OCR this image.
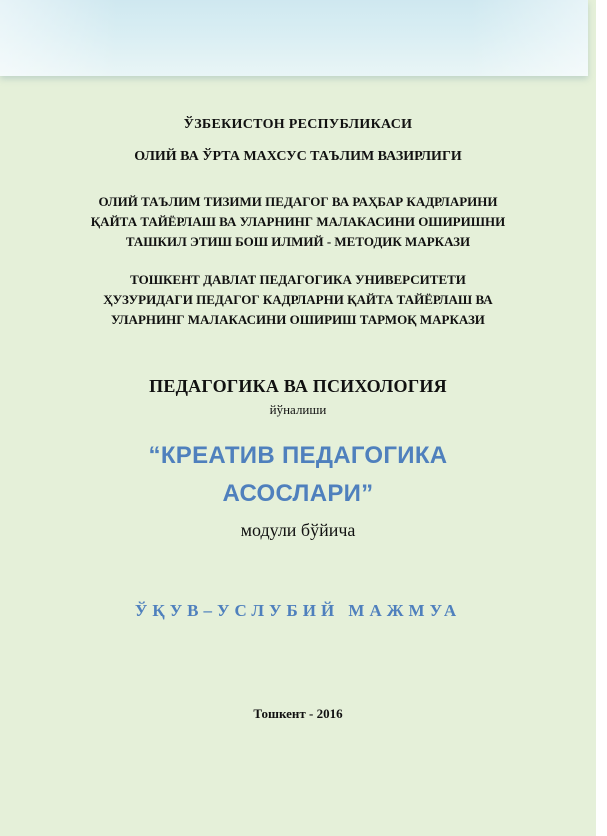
ЎЗБЕКИСТОН РЕСПУБЛИКАСИ
ОЛИЙ ВА ЎРТА МАХСУС ТАЪЛИМ ВАЗИРЛИГИ
ОЛИЙ ТАЪЛИМ ТИЗИМИ ПЕДАГОГ ВА РАҲБАР КАДРЛАРИНИ
ҚАЙТА ТАЙЁРЛАШ ВА УЛАРНИНГ МАЛАКАСИНИ ОШИРИШНИ
ТАШКИЛ ЭТИШ БОШ ИЛМИЙ - МЕТОДИК МАРКАЗИ
ТОШКЕНТ ДАВЛАТ ПЕДАГОГИКА УНИВЕРСИТЕТИ
ҲУЗУРИДАГИ ПЕДАГОГ КАДРЛАРНИ ҚАЙТА ТАЙЁРЛАШ ВА
УЛАРНИНГ МАЛАКАСИНИ ОШИРИШ ТАРМОҚ МАРКАЗИ
ПЕДАГОГИКА ВА ПСИХОЛОГИЯ
йўналиши
“КРЕАТИВ ПЕДАГОГИКА
АСОСЛАРИ”
модули бўйича
ЎҚУВ–УСЛУБИЙ МАЖМУА
Тошкент - 2016
